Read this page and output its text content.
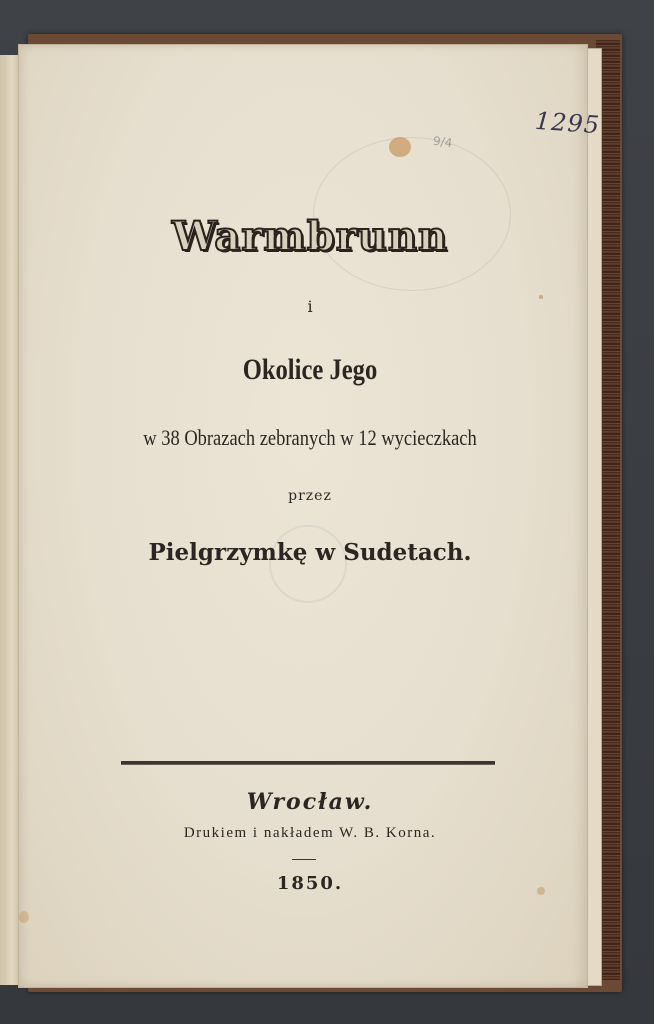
1295
9/4
Warmbrunn
i
Okolice Jego
w 38 Obrazach zebranych w 12 wycieczkach
przez
Pielgrzymkę w Sudetach.
Wrocław.
Drukiem i nakładem W. B. Korna.
1850.
